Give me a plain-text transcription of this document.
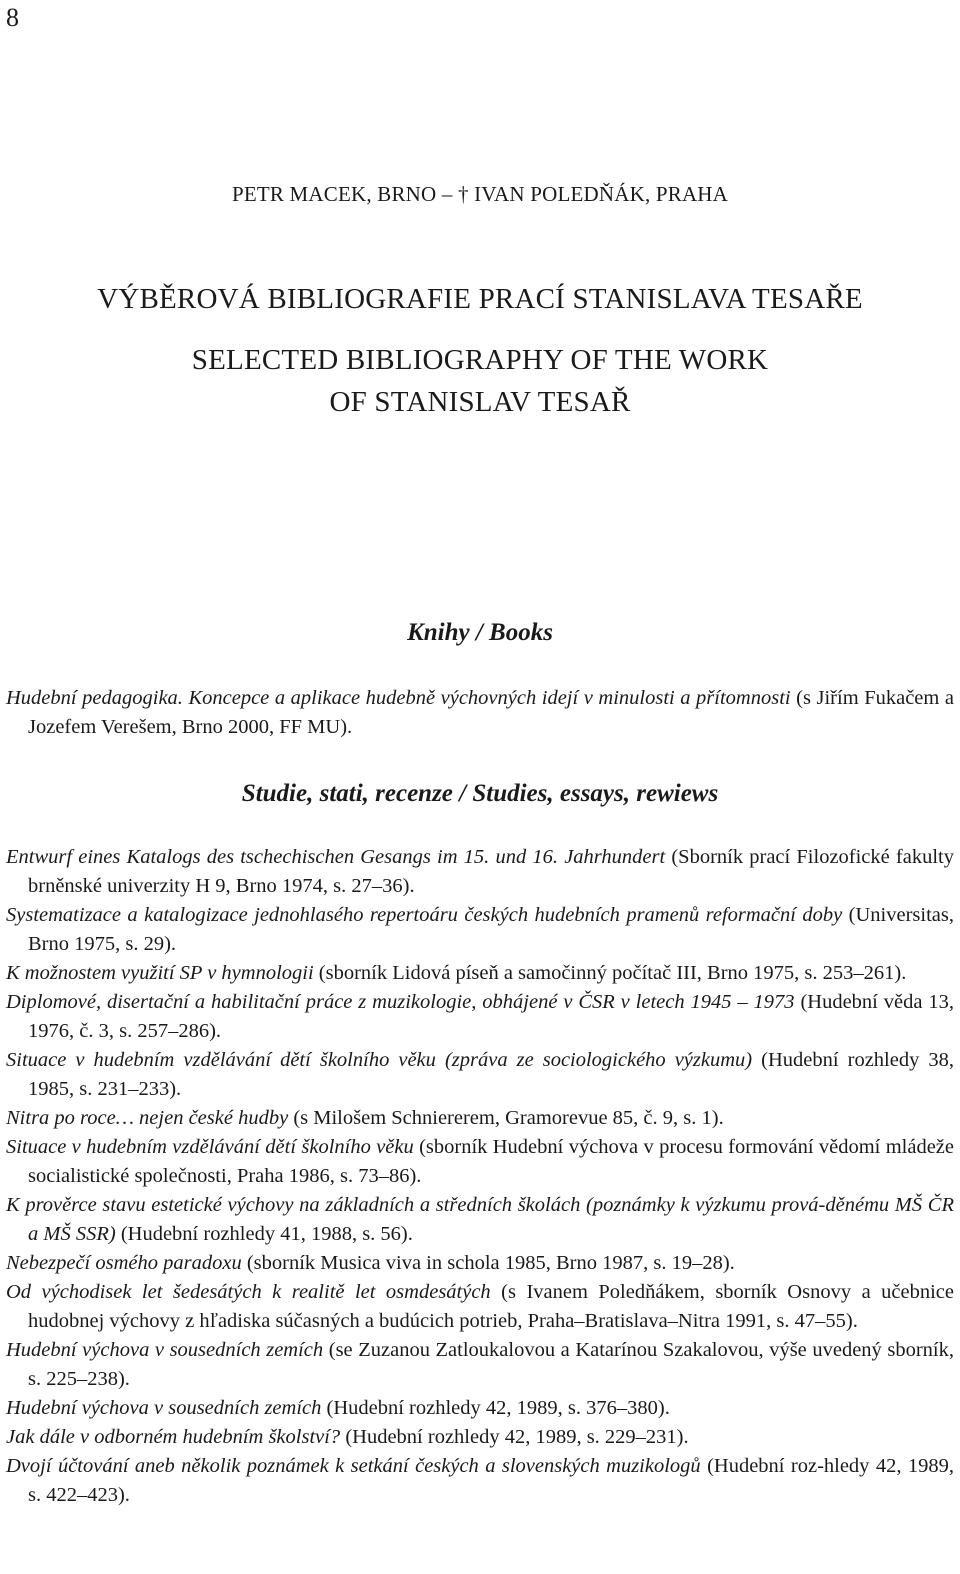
8
PETR MACEK, BRNO – † IVAN POLEDŇÁK, PRAHA
VÝBĚROVÁ BIBLIOGRAFIE PRACÍ STANISLAVA TESAŘE
SELECTED BIBLIOGRAPHY OF THE WORK
OF STANISLAV TESAŘ
Knihy / Books
Hudební pedagogika. Koncepce a aplikace hudebně výchovných idejí v minulosti a přítomnosti (s Jiřím Fukačem a Jozefem Verešem, Brno 2000, FF MU).
Studie, stati, recenze / Studies, essays, rewiews
Entwurf eines Katalogs des tschechischen Gesangs im 15. und 16. Jahrhundert (Sborník prací Filozofické fakulty brněnské univerzity H 9, Brno 1974, s. 27–36).
Systematizace a katalogizace jednohlasého repertoáru českých hudebních pramenů reformační doby (Universitas, Brno 1975, s. 29).
K možnostem využití SP v hymnologii (sborník Lidová píseň a samočinný počítač III, Brno 1975, s. 253–261).
Diplomové, disertační a habilitační práce z muzikologie, obhájené v ČSR v letech 1945 – 1973 (Hudební věda 13, 1976, č. 3, s. 257–286).
Situace v hudebním vzdělávání dětí školního věku (zpráva ze sociologického výzkumu) (Hudební rozhledy 38, 1985, s. 231–233).
Nitra po roce… nejen české hudby (s Milošem Schniererem, Gramorevue 85, č. 9, s. 1).
Situace v hudebním vzdělávání dětí školního věku (sborník Hudební výchova v procesu formování vědomí mládeže socialistické společnosti, Praha 1986, s. 73–86).
K prověrce stavu estetické výchovy na základních a středních školách (poznámky k výzkumu prová-děnému MŠ ČR a MŠ SSR) (Hudební rozhledy 41, 1988, s. 56).
Nebezpečí osmého paradoxu (sborník Musica viva in schola 1985, Brno 1987, s. 19–28).
Od východisek let šedesátých k realitě let osmdesátých (s Ivanem Poledňákem, sborník Osnovy a učebnice hudobnej výchovy z hľadiska súčasných a budúcich potrieb, Praha–Bratislava–Nitra 1991, s. 47–55).
Hudební výchova v sousedních zemích (se Zuzanou Zatloukalovou a Katarínou Szakalovou, výše uvedený sborník, s. 225–238).
Hudební výchova v sousedních zemích (Hudební rozhledy 42, 1989, s. 376–380).
Jak dále v odborném hudebním školství? (Hudební rozhledy 42, 1989, s. 229–231).
Dvojí účtování aneb několik poznámek k setkání českých a slovenských muzikologů (Hudební roz-hledy 42, 1989, s. 422–423).
